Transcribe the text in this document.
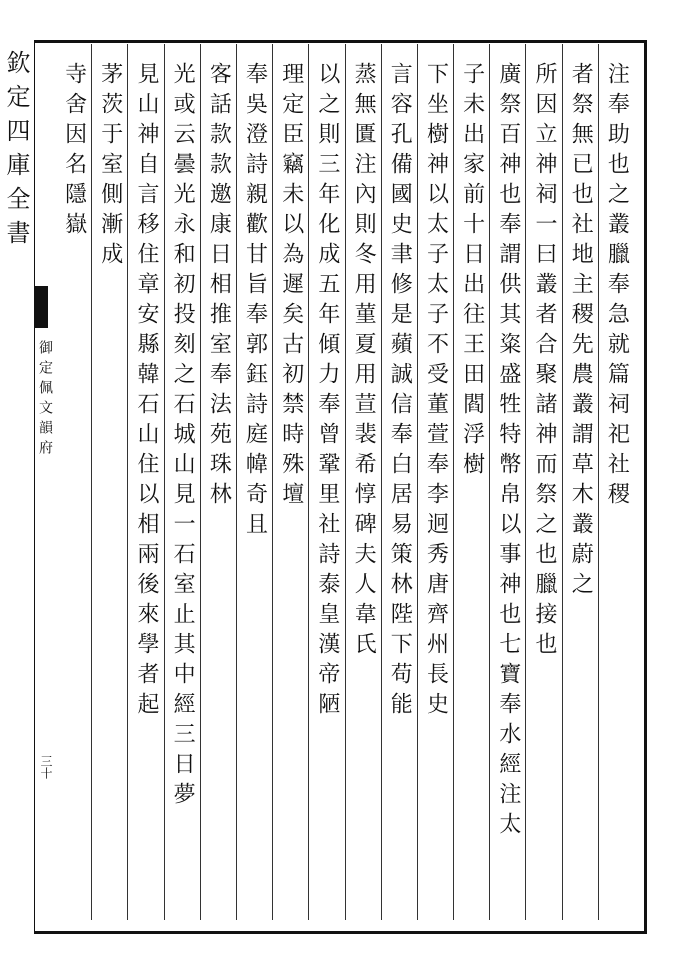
欽定四庫全書
御定佩文韻府
三十
注奉助也之叢臘奉急就篇祠祀社稷
者祭無已也社地主稷先農叢謂草木叢蔚之
所因立神祠一曰叢者合聚諸神而祭之也臘接也
廣祭百神也奉謂供其粢盛牲特幣帛以事神也七寶奉水經注太
子未出家前十日出往王田閻浮樹
下坐樹神以太子太子不受董萱奉李迥秀唐齊州長史
言容孔備國史聿修是蘋誠信奉白居易策林陛下苟能
蒸無匱注內則冬用菫夏用荁裴希惇碑夫人韋氏
以之則三年化成五年傾力奉曾鞏里社詩泰皇漢帝陋
理定臣竊未以為遲矣古初禁時殊壇
奉吳澄詩親歡甘旨奉郭鈺詩庭幃奇且
客話款款邀康日相推室奉法苑珠林
光或云曇光永和初投刻之石城山見一石室止其中經三日夢
見山神自言移住章安縣韓石山住以相兩後來學者起
茅茨于室側漸成
寺舍因名隱嶽
